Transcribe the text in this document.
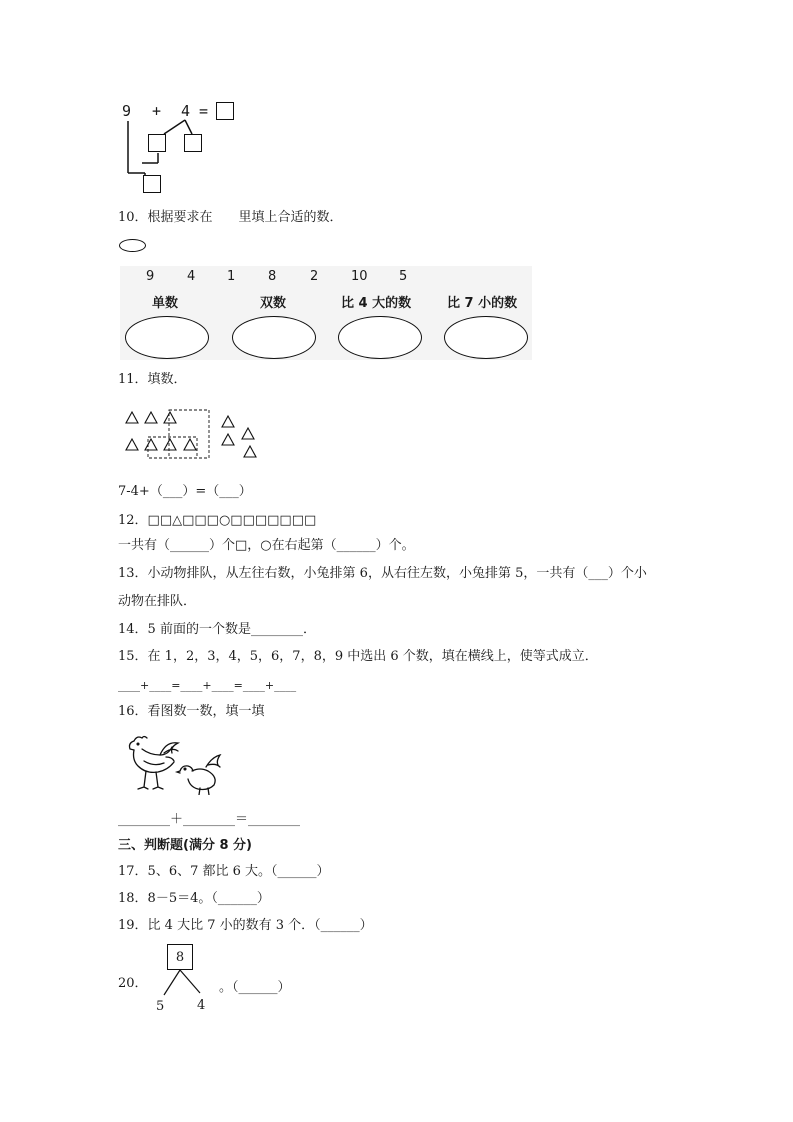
9 + 4 =
10．根据要求在　　里填上合适的数．
9	4 1	8	2	10 5
单数	双数	比 4 大的数	比 7 小的数
11．填数．
7-4+（___）=（___）
12．□□△□□□○□□□□□□□
一共有（______）个□，○在右起第（______）个。
13．小动物排队，从左往右数，小兔排第 6，从右往左数，小兔排第 5，一共有（___）个小
动物在排队．
14．5 前面的一个数是________．
15．在 1，2，3，4，5，6，7，8，9 中选出 6 个数，填在横线上，使等式成立．
____+____=____+____=____+____
16．看图数一数，填一填
________＋________＝________
三、判断题(满分 8 分)
17．5、6、7 都比 6 大。（______）
18．8－5＝4。（______）
19．比 4 大比 7 小的数有 3 个．（______）
20．
8
5	4
。（______）
